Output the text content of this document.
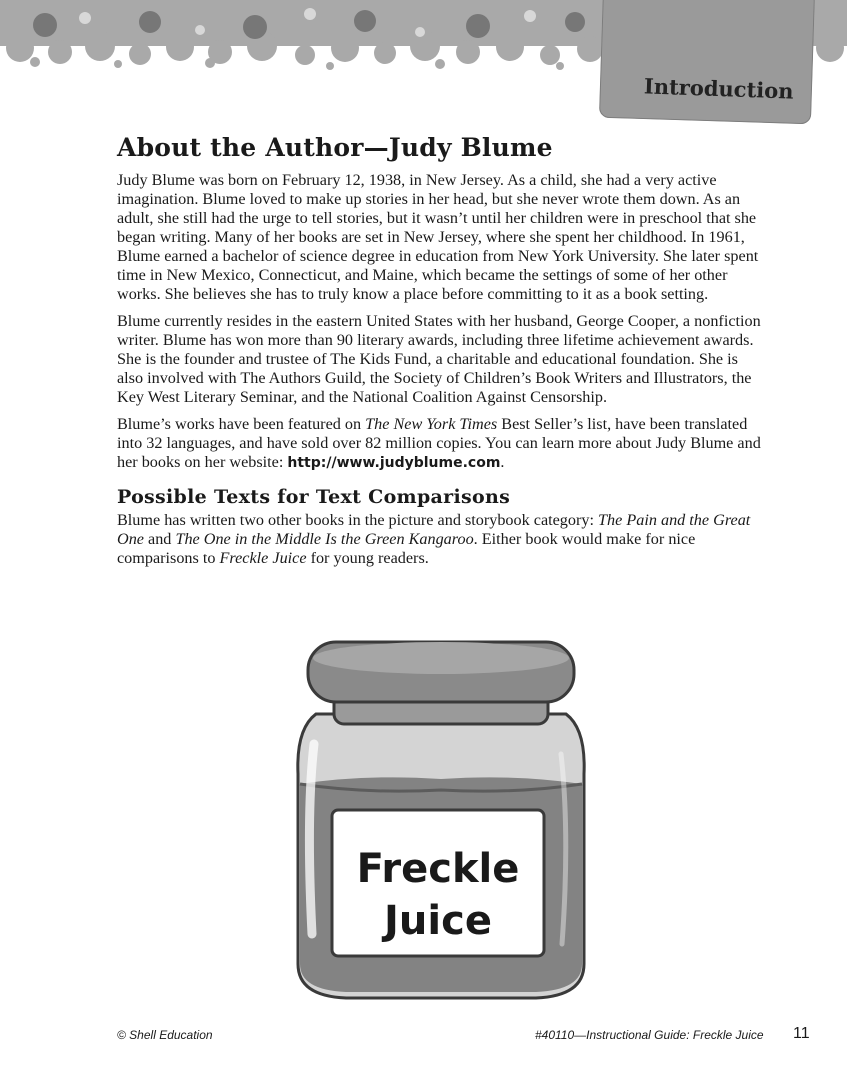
Introduction
About the Author—Judy Blume

Judy Blume was born on February 12, 1938, in New Jersey. As a child, she had a very active imagination. Blume loved to make up stories in her head, but she never wrote them down. As an adult, she still had the urge to tell stories, but it wasn’t until her children were in preschool that she began writing. Many of her books are set in New Jersey, where she spent her childhood. In 1961, Blume earned a bachelor of science degree in education from New York University. She later spent time in New Mexico, Connecticut, and Maine, which became the settings of some of her other works. She believes she has to truly know a place before committing to it as a book setting.

Blume currently resides in the eastern United States with her husband, George Cooper, a nonfiction writer. Blume has won more than 90 literary awards, including three lifetime achievement awards. She is the founder and trustee of The Kids Fund, a charitable and educational foundation. She is also involved with The Authors Guild, the Society of Children’s Book Writers and Illustrators, the Key West Literary Seminar, and the National Coalition Against Censorship.

Blume’s works have been featured on The New York Times Best Seller’s list, have been translated into 32 languages, and have sold over 82 million copies. You can learn more about Judy Blume and her books on her website: http://www.judyblume.com.

Possible Texts for Text Comparisons

Blume has written two other books in the picture and storybook category: The Pain and the Great One and The One in the Middle Is the Green Kangaroo. Either book would make for nice comparisons to Freckle Juice for young readers.

Freckle
Juice
© Shell Education	#40110—Instructional Guide: Freckle Juice 11
